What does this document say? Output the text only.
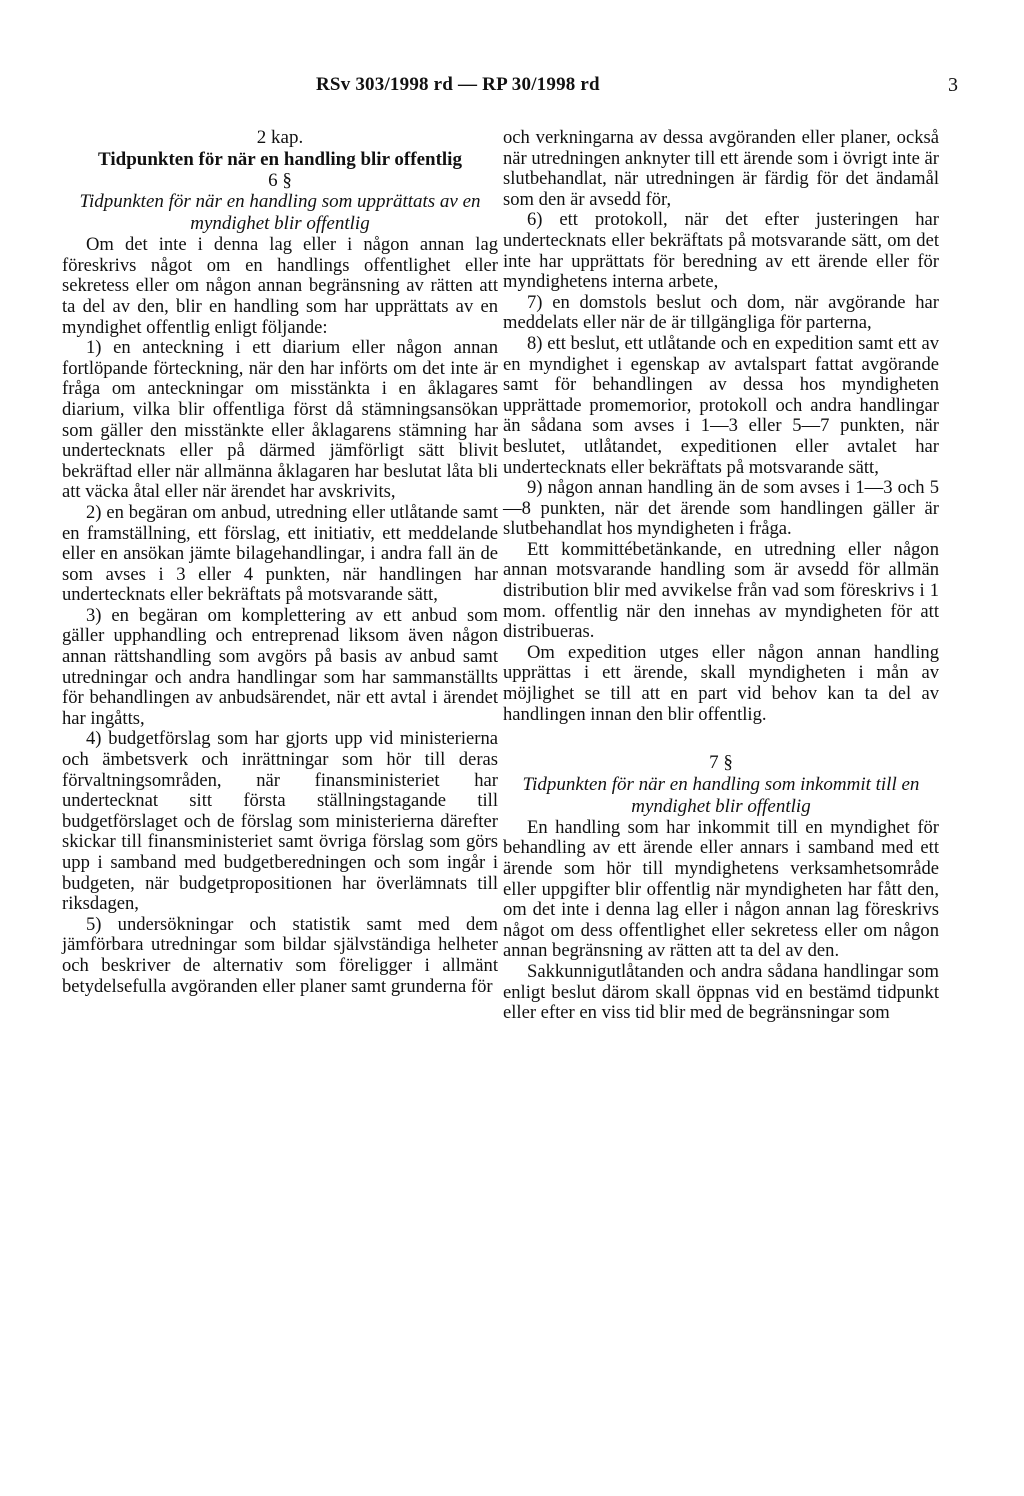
RSv 303/1998 rd — RP 30/1998 rd	3

2 kap.

Tidpunkten för när en handling blir offentlig

6 §

Tidpunkten för när en handling som upprättats av en myndighet blir offentlig

Om det inte i denna lag eller i någon annan lag föreskrivs något om en handlings offentlighet eller sekretess eller om någon annan begränsning av rätten att ta del av den, blir en handling som har upprättats av en myndighet offentlig enligt följande:

1) en anteckning i ett diarium eller någon annan fortlöpande förteckning, när den har införts om det inte är fråga om anteckningar om misstänkta i en åklagares diarium, vilka blir offentliga först då stämningsansökan som gäller den misstänkte eller åklagarens stämning har undertecknats eller på därmed jämförligt sätt blivit bekräftad eller när allmänna åklagaren har beslutat låta bli att väcka åtal eller när ärendet har avskrivits,

2) en begäran om anbud, utredning eller utlåtande samt en framställning, ett förslag, ett initiativ, ett meddelande eller en ansökan jämte bilagehandlingar, i andra fall än de som avses i 3 eller 4 punkten, när handlingen har undertecknats eller bekräftats på motsvarande sätt,

3) en begäran om komplettering av ett anbud som gäller upphandling och entreprenad liksom även någon annan rättshandling som avgörs på basis av anbud samt utredningar och andra handlingar som har sammanställts för behandlingen av anbudsärendet, när ett avtal i ärendet har ingåtts,

4) budgetförslag som har gjorts upp vid ministerierna och ämbetsverk och inrättningar som hör till deras förvaltningsområden, när finansministeriet har undertecknat sitt första ställningstagande till budgetförslaget och de förslag som ministerierna därefter skickar till finansministeriet samt övriga förslag som görs upp i samband med budgetberedningen och som ingår i budgeten, när budgetpropositionen har överlämnats till riksdagen,

5) undersökningar och statistik samt med dem jämförbara utredningar som bildar självständiga helheter och beskriver de alternativ som föreligger i allmänt betydelsefulla avgöranden eller planer samt grunderna för

och verkningarna av dessa avgöranden eller planer, också när utredningen anknyter till ett ärende som i övrigt inte är slutbehandlat, när utredningen är färdig för det ändamål som den är avsedd för,

6) ett protokoll, när det efter justeringen har undertecknats eller bekräftats på motsvarande sätt, om det inte har upprättats för beredning av ett ärende eller för myndighetens interna arbete,

7) en domstols beslut och dom, när avgörande har meddelats eller när de är tillgängliga för parterna,

8) ett beslut, ett utlåtande och en expedition samt ett av en myndighet i egenskap av avtalspart fattat avgörande samt för behandlingen av dessa hos myndigheten upprättade promemorior, protokoll och andra handlingar än sådana som avses i 1—3 eller 5—7 punkten, när beslutet, utlåtandet, expeditionen eller avtalet har undertecknats eller bekräftats på motsvarande sätt,

9) någon annan handling än de som avses i 1—3 och 5—8 punkten, när det ärende som handlingen gäller är slutbehandlat hos myndigheten i fråga.

Ett kommittébetänkande, en utredning eller någon annan motsvarande handling som är avsedd för allmän distribution blir med avvikelse från vad som föreskrivs i 1 mom. offentlig när den innehas av myndigheten för att distribueras.

Om expedition utges eller någon annan handling upprättas i ett ärende, skall myndigheten i mån av möjlighet se till att en part vid behov kan ta del av handlingen innan den blir offentlig.

7 §

Tidpunkten för när en handling som inkommit till en myndighet blir offentlig

En handling som har inkommit till en myndighet för behandling av ett ärende eller annars i samband med ett ärende som hör till myndighetens verksamhetsområde eller uppgifter blir offentlig när myndigheten har fått den, om det inte i denna lag eller i någon annan lag föreskrivs något om dess offentlighet eller sekretess eller om någon annan begränsning av rätten att ta del av den.

Sakkunnigutlåtanden och andra sådana handlingar som enligt beslut därom skall öppnas vid en bestämd tidpunkt eller efter en viss tid blir med de begränsningar som
